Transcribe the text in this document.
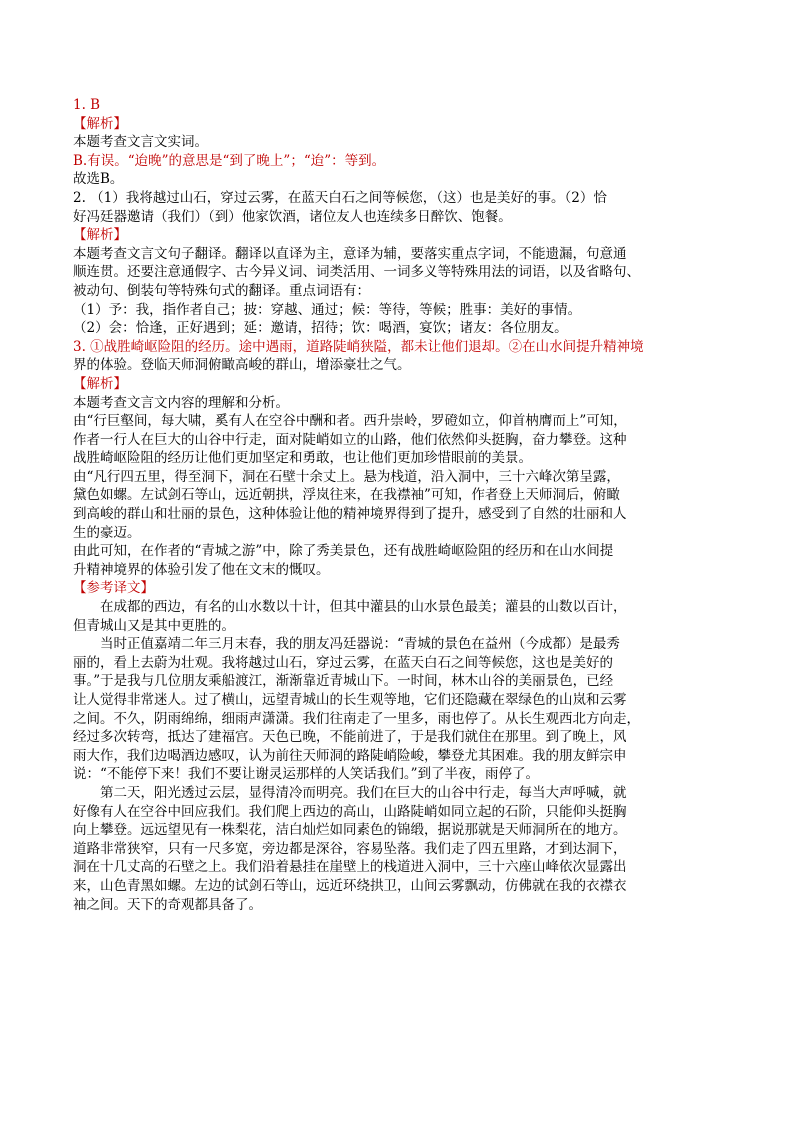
1. B

【解析】

本题考查文言文实词。

B.有误。“迨晚”的意思是“到了晚上”；“迨”：等到。

故选B。

2. （1）我将越过山石，穿过云雾，在蓝天白石之间等候您，（这）也是美好的事。（2）恰

好冯廷器邀请（我们）（到）他家饮酒，诸位友人也连续多日醉饮、饱餐。

【解析】

本题考查文言文句子翻译。翻译以直译为主，意译为辅，要落实重点字词，不能遗漏，句意通

顺连贯。还要注意通假字、古今异义词、词类活用、一词多义等特殊用法的词语，以及省略句、

被动句、倒装句等特殊句式的翻译。重点词语有：

（1）予：我，指作者自己；披：穿越、通过；候：等待，等候；胜事：美好的事情。

（2）会：恰逢，正好遇到；延：邀请，招待；饮：喝酒，宴饮；诸友：各位朋友。

3. ①战胜崎岖险阻的经历。途中遇雨，道路陡峭狭隘，都未让他们退却。②在山水间提升精神境

界的体验。登临天师洞俯瞰高峻的群山，增添豪壮之气。

【解析】

本题考查文言文内容的理解和分析。

由“行巨壑间，每大啸，奚有人在空谷中酬和者。西升崇岭，罗磴如立，仰首枘膺而上”可知，

作者一行人在巨大的山谷中行走，面对陡峭如立的山路，他们依然仰头挺胸，奋力攀登。这种

战胜崎岖险阻的经历让他们更加坚定和勇敢，也让他们更加珍惜眼前的美景。

由“凡行四五里，得至洞下，洞在石壁十余丈上。悬为栈道，沿入洞中，三十六峰次第呈露，

黛色如螺。左试剑石等山，远近朝拱，浮岚往来，在我襟袖”可知，作者登上天师洞后，俯瞰

到高峻的群山和壮丽的景色，这种体验让他的精神境界得到了提升，感受到了自然的壮丽和人

生的豪迈。

由此可知，在作者的“青城之游”中，除了秀美景色，还有战胜崎岖险阻的经历和在山水间提

升精神境界的体验引发了他在文末的慨叹。

【参考译文】

在成都的西边，有名的山水数以十计，但其中灌县的山水景色最美；灌县的山数以百计，

但青城山又是其中更胜的。

当时正值嘉靖二年三月末春，我的朋友冯廷器说：“青城的景色在益州（今成都）是最秀

丽的，看上去蔚为壮观。我将越过山石，穿过云雾，在蓝天白石之间等候您，这也是美好的

事。”于是我与几位朋友乘船渡江，渐渐靠近青城山下。一时间，林木山谷的美丽景色，已经

让人觉得非常迷人。过了横山，远望青城山的长生观等地，它们还隐藏在翠绿色的山岚和云雾

之间。不久，阴雨绵绵，细雨声潇潇。我们往南走了一里多，雨也停了。从长生观西北方向走，

经过多次转弯，抵达了建福宫。天色已晚，不能前进了，于是我们就住在那里。到了晚上，风

雨大作，我们边喝酒边感叹，认为前往天师洞的路陡峭险峻，攀登尤其困难。我的朋友鲜宗申

说：“不能停下来！我们不要让谢灵运那样的人笑话我们。”到了半夜，雨停了。

第二天，阳光透过云层，显得清冷而明亮。我们在巨大的山谷中行走，每当大声呼喊，就

好像有人在空谷中回应我们。我们爬上西边的高山，山路陡峭如同立起的石阶，只能仰头挺胸

向上攀登。远远望见有一株梨花，洁白灿烂如同素色的锦缎，据说那就是天师洞所在的地方。

道路非常狭窄，只有一尺多宽，旁边都是深谷，容易坠落。我们走了四五里路，才到达洞下，

洞在十几丈高的石壁之上。我们沿着悬挂在崖壁上的栈道进入洞中，三十六座山峰依次显露出

来，山色青黑如螺。左边的试剑石等山，远近环绕拱卫，山间云雾飘动，仿佛就在我的衣襟衣

袖之间。天下的奇观都具备了。
